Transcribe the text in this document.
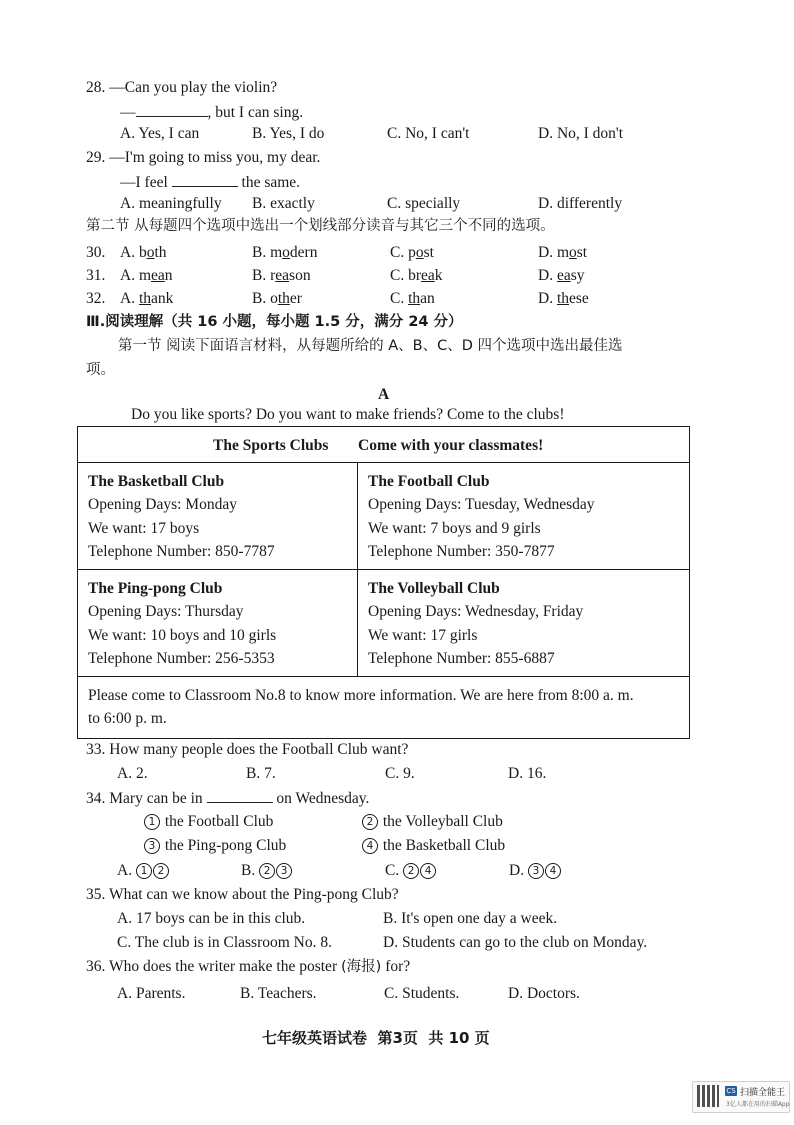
28. —Can you play the violin?
—	, but I can sing.
A. Yes, I can	B. Yes, I do	C. No, I can't	D. No, I don't
29. —I'm going to miss you, my dear.
—I feel	the same.
A. meaningfully B. exactly	C. specially	D. differently
第二节 从每题四个选项中选出一个划线部分读音与其它三个不同的选项。
30. A. both	B. modern	C. post	D. most
31. A. mean	B. reason	C. break	D. easy
32. A. thank	B. other	C. than	D. these
Ⅲ.阅读理解（共 16 小题，每小题 1.5 分，满分 24 分）
第一节 阅读下面语言材料，从每题所给的 A、B、C、D 四个选项中选出最佳选
项。
A
Do you like sports? Do you want to make friends? Come to the clubs!
The Sports Clubs Come with your classmates!
The Basketball Club
Opening Days: Monday
We want: 17 boys
Telephone Number: 850-7787
The Football Club
Opening Days: Tuesday, Wednesday
We want: 7 boys and 9 girls
Telephone Number: 350-7877
The Ping-pong Club
Opening Days: Thursday
We want: 10 boys and 10 girls
Telephone Number: 256-5353
The Volleyball Club
Opening Days: Wednesday, Friday
We want: 17 girls
Telephone Number: 855-6887
Please come to Classroom No.8 to know more information. We are here from 8:00 a. m.
to 6:00 p. m.
33. How many people does the Football Club want?
A. 2.	B. 7.	C. 9.	D. 16.
34. Mary can be in	on Wednesday.
1 the Football Club	2 the Volleyball Club
3 the Ping-pong Club	4 the Basketball Club
A. 1 2	B. 2 3	C. 2 4	D. 3 4
35. What can we know about the Ping-pong Club?
A. 17 boys can be in this club.	B. It's open one day a week.
C. The club is in Classroom No. 8.	D. Students can go to the club on Monday.
36. Who does the writer make the poster (海报) for?
A. Parents.	B. Teachers.	C. Students.	D. Doctors.
七年级英语试卷 第3页 共 10 页
CS 扫描全能王
3亿人都在用的扫描App
